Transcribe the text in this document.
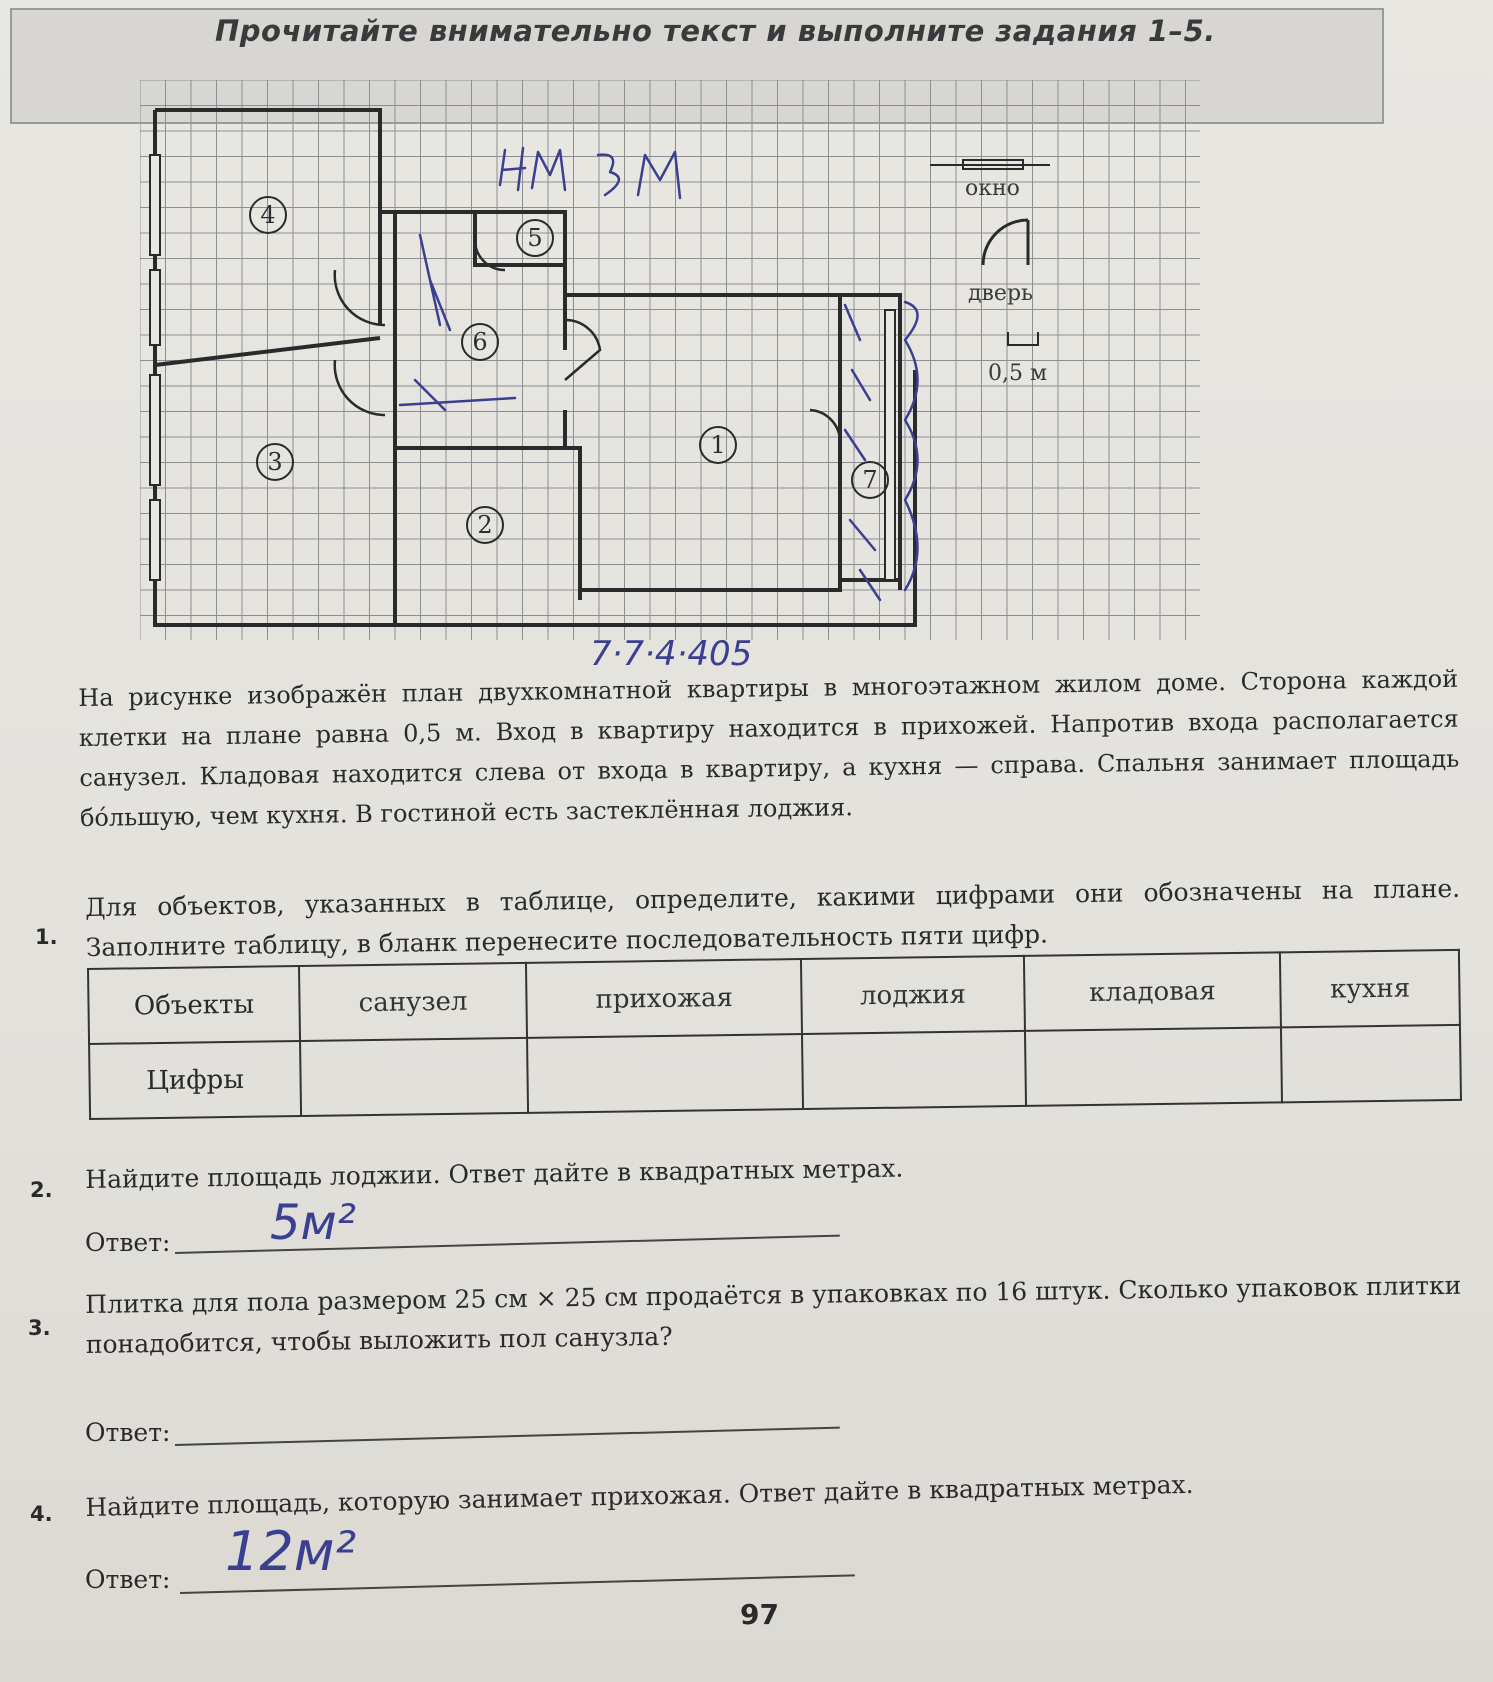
Прочитайте внимательно текст и выполните задания 1–5.
4
5
6
3
1
2
7
окно
дверь
0,5 м
7·7·4·405
На рисунке изображён план двухкомнатной квартиры в многоэтажном жилом доме. Сторона каждой клетки на плане равна 0,5 м. Вход в квартиру находится в прихожей. Напротив входа располагается санузел. Кладовая находится слева от входа в квартиру, а кухня — справа. Спальня занимает площадь бо́льшую, чем кухня. В гостиной есть застеклённая лоджия.
1.
Для объектов, указанных в таблице, определите, какими цифрами они обозначены на плане. Заполните таблицу, в бланк перенесите последовательность пяти цифр.
Объекты	санузел	прихожая	лоджия	кладовая	кухня
Цифры					
2. Найдите площадь лоджии. Ответ дайте в квадратных метрах.
Ответ: 5м²
3.
Плитка для пола размером 25 см × 25 см продаётся в упаковках по 16 штук. Сколько упаковок плитки понадобится, чтобы выложить пол санузла?
Ответ:
4. Найдите площадь, которую занимает прихожая. Ответ дайте в квадратных метрах.
Ответ: 12м²
97
